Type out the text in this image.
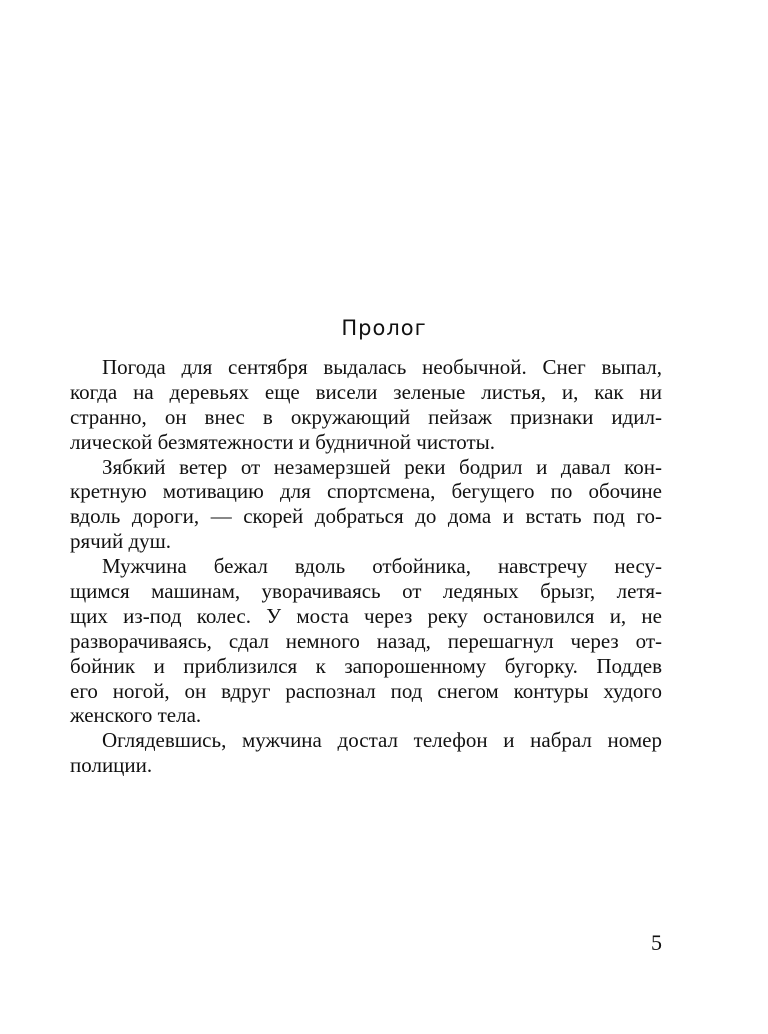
Пролог

Погода для сентября выдалась необычной. Снег выпал,
когда на деревьях еще висели зеленые листья, и, как ни
странно, он внес в окружающий пейзаж признаки идил-
лической безмятежности и будничной чистоты.

Зябкий ветер от незамерзшей реки бодрил и давал кон-
кретную мотивацию для спортсмена, бегущего по обочине
вдоль дороги, — скорей добраться до дома и встать под го-
рячий душ.

Мужчина бежал вдоль отбойника, навстречу несу-
щимся машинам, уворачиваясь от ледяных брызг, летя-
щих из-под колес. У моста через реку остановился и, не
разворачиваясь, сдал немного назад, перешагнул через от-
бойник и приблизился к запорошенному бугорку. Поддев
его ногой, он вдруг распознал под снегом контуры худого
женского тела.

Оглядевшись, мужчина достал телефон и набрал номер
полиции.

5
